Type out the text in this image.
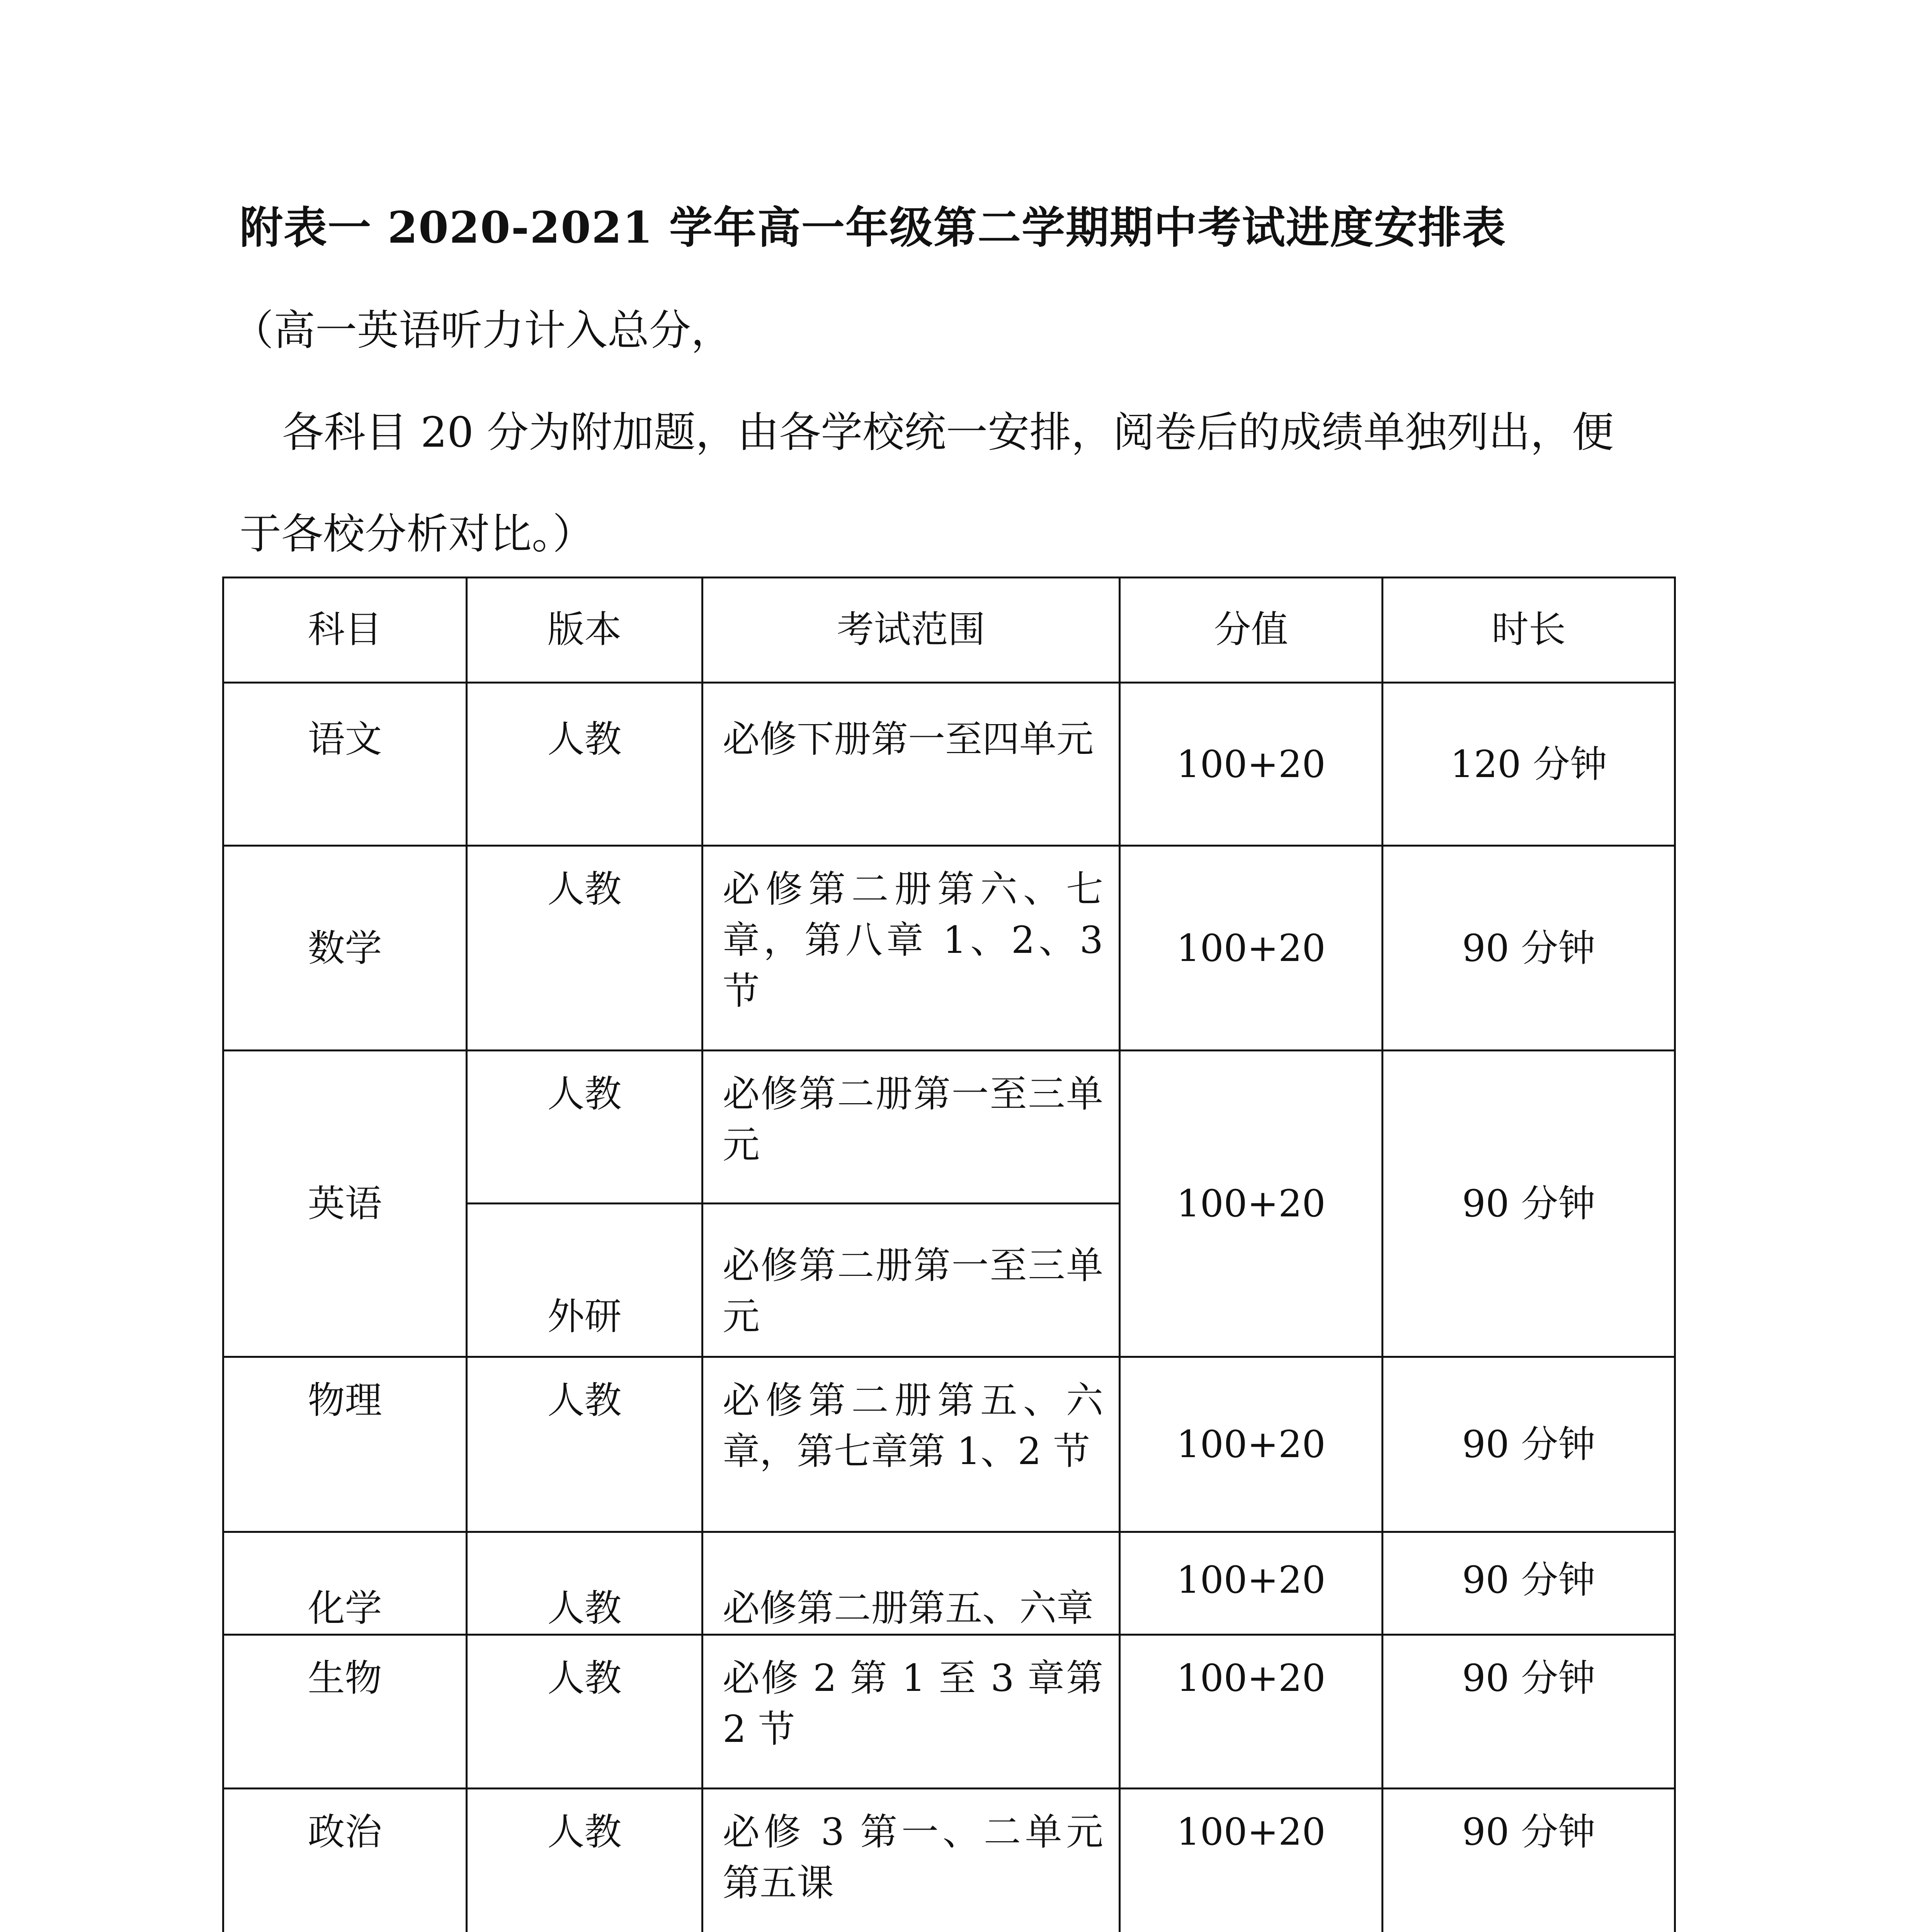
附表一 2020-2021 学年高一年级第二学期期中考试进度安排表
（高一英语听力计入总分，
各科目 20 分为附加题，由各学校统一安排，阅卷后的成绩单独列出，便
于各校分析对比。）
科目	版本	考试范围	分值	时长
语文	人教	必修下册第一至四单元	100+20	120 分钟
数学	人教	必修第二册第六、七章，第八章 1、2、3 节	100+20	90 分钟
英语	人教	必修第二册第一至三单元	100+20	90 分钟
	外研	必修第二册第一至三单元		

物理	人教	必修第二册第五、六章，第七章第 1、2 节	100+20	90 分钟
化学	人教	必修第二册第五、六章	100+20	90 分钟
生物	人教	必修 2 第 1 至 3 章第 2 节	100+20	90 分钟
政治	人教	必修 3 第一、二单元第五课	100+20	90 分钟
